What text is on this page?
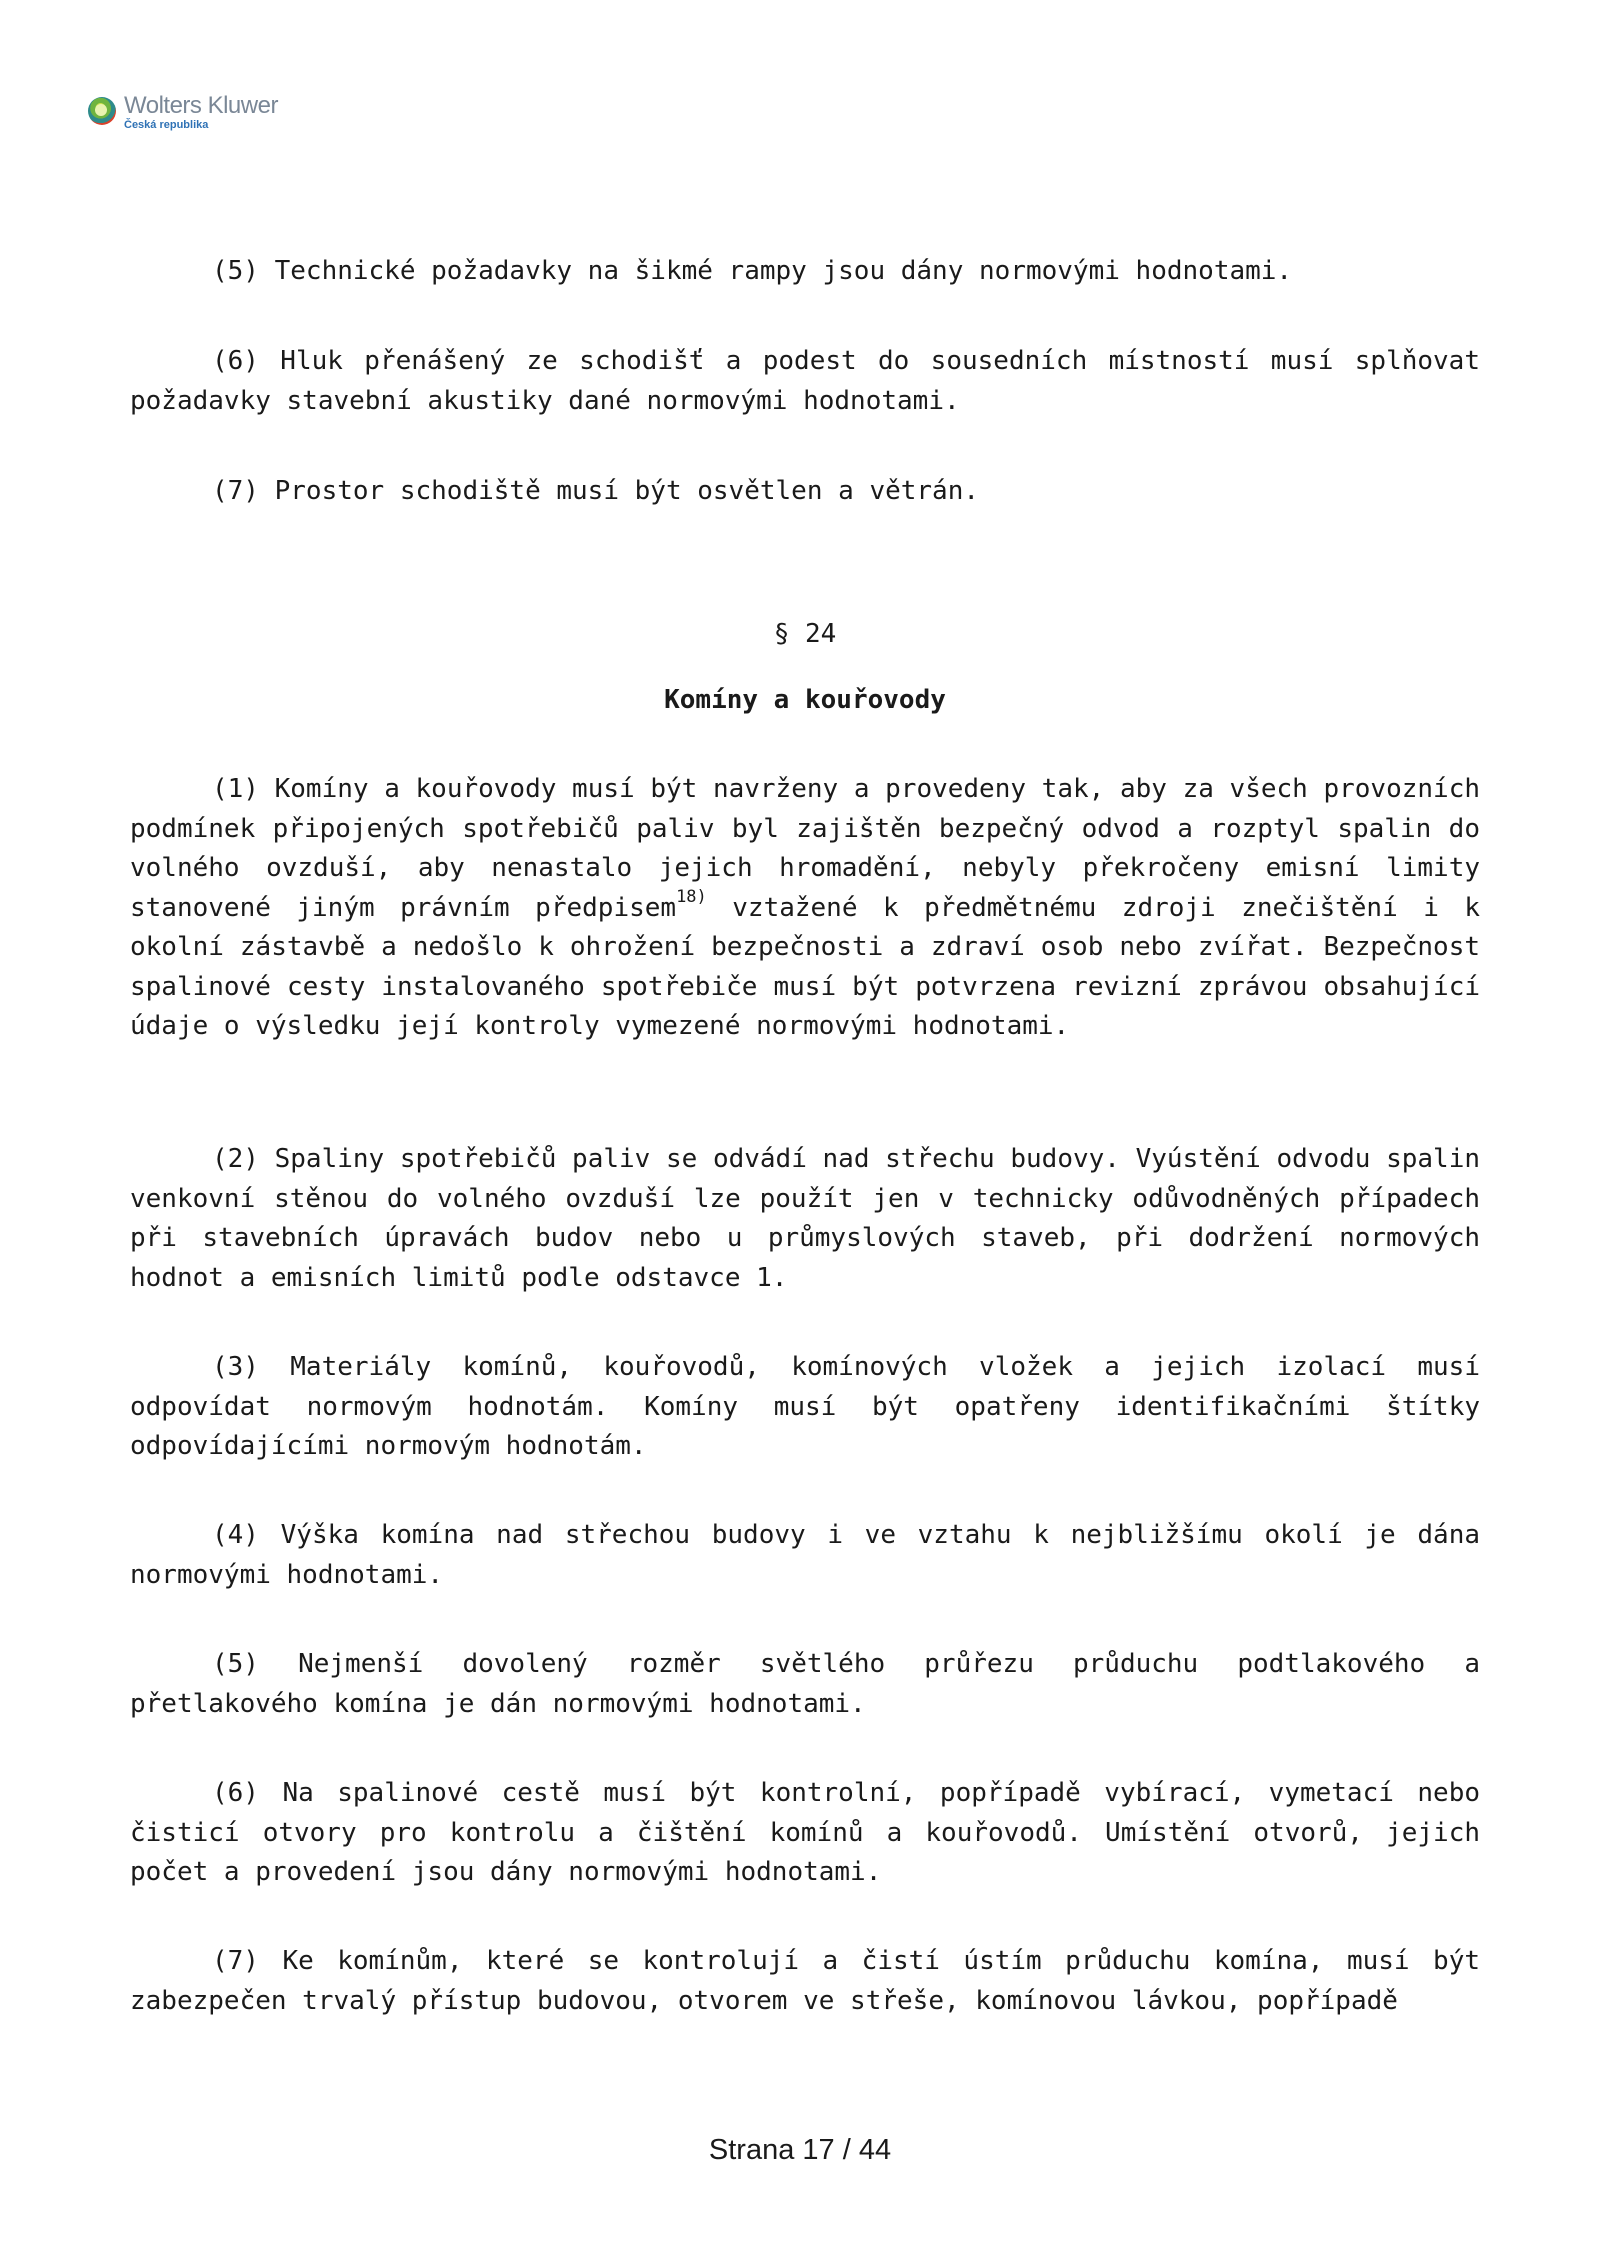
Wolters Kluwer
Česká republika

(5) Technické požadavky na šikmé rampy jsou dány normovými hodnotami.

(6) Hluk přenášený ze schodišť a podest do sousedních místností musí splňovat požadavky stavební akustiky dané normovými hodnotami.

(7) Prostor schodiště musí být osvětlen a větrán.

§ 24
Komíny a kouřovody

(1) Komíny a kouřovody musí být navrženy a provedeny tak, aby za všech provozních podmínek připojených spotřebičů paliv byl zajištěn bezpečný odvod a rozptyl spalin do volného ovzduší, aby nenastalo jejich hromadění, nebyly překročeny emisní limity stanovené jiným právním předpisem$^{18)}$ vztažené k předmětnému zdroji znečištění i k okolní zástavbě a nedošlo k ohrožení bezpečnosti a zdraví osob nebo zvířat. Bezpečnost spalinové cesty instalovaného spotřebiče musí být potvrzena revizní zprávou obsahující údaje o výsledku její kontroly vymezené normovými hodnotami.

(2) Spaliny spotřebičů paliv se odvádí nad střechu budovy. Vyústění odvodu spalin venkovní stěnou do volného ovzduší lze použít jen v technicky odůvodněných případech při stavebních úpravách budov nebo u průmyslových staveb, při dodržení normových hodnot a emisních limitů podle odstavce 1.

(3) Materiály komínů, kouřovodů, komínových vložek a jejich izolací musí odpovídat normovým hodnotám. Komíny musí být opatřeny identifikačními štítky odpovídajícími normovým hodnotám.

(4) Výška komína nad střechou budovy i ve vztahu k nejbližšímu okolí je dána normovými hodnotami.

(5) Nejmenší dovolený rozměr světlého průřezu průduchu podtlakového a přetlakového komína je dán normovými hodnotami.

(6) Na spalinové cestě musí být kontrolní, popřípadě vybírací, vymetací nebo čisticí otvory pro kontrolu a čištění komínů a kouřovodů. Umístění otvorů, jejich počet a provedení jsou dány normovými hodnotami.

(7) Ke komínům, které se kontrolují a čistí ústím průduchu komína, musí být zabezpečen trvalý přístup budovou, otvorem ve střeše, komínovou lávkou, popřípadě

Strana 17 / 44
